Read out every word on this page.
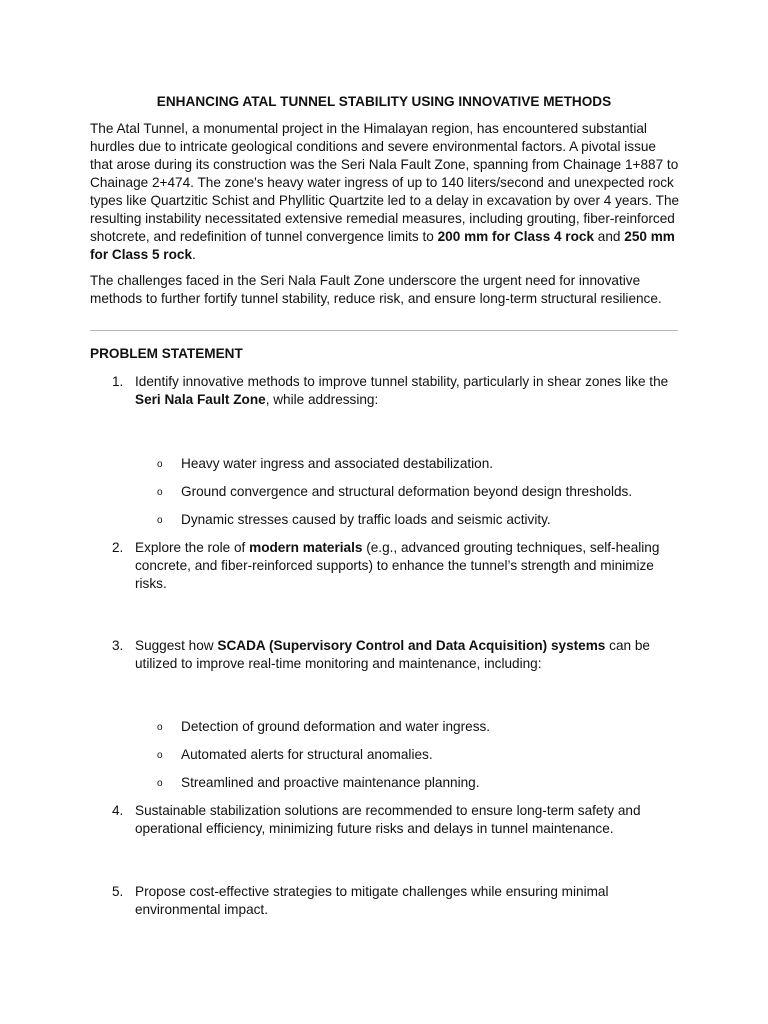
ENHANCING ATAL TUNNEL STABILITY USING INNOVATIVE METHODS

The Atal Tunnel, a monumental project in the Himalayan region, has encountered substantial hurdles due to intricate geological conditions and severe environmental factors. A pivotal issue that arose during its construction was the Seri Nala Fault Zone, spanning from Chainage 1+887 to Chainage 2+474. The zone's heavy water ingress of up to 140 liters/second and unexpected rock types like Quartzitic Schist and Phyllitic Quartzite led to a delay in excavation by over 4 years. The resulting instability necessitated extensive remedial measures, including grouting, fiber-reinforced shotcrete, and redefinition of tunnel convergence limits to 200 mm for Class 4 rock and 250 mm for Class 5 rock.

The challenges faced in the Seri Nala Fault Zone underscore the urgent need for innovative methods to further fortify tunnel stability, reduce risk, and ensure long-term structural resilience.

PROBLEM STATEMENT
1. Identify innovative methods to improve tunnel stability, particularly in shear zones like the Seri Nala Fault Zone, while addressing:

o Heavy water ingress and associated destabilization.

o Ground convergence and structural deformation beyond design thresholds.

o Dynamic stresses caused by traffic loads and seismic activity.

2. Explore the role of modern materials (e.g., advanced grouting techniques, self-healing concrete, and fiber-reinforced supports) to enhance the tunnel’s strength and minimize risks.

3. Suggest how SCADA (Supervisory Control and Data Acquisition) systems can be utilized to improve real-time monitoring and maintenance, including:

o Detection of ground deformation and water ingress.

o Automated alerts for structural anomalies.

o Streamlined and proactive maintenance planning.

4. Sustainable stabilization solutions are recommended to ensure long-term safety and operational efficiency, minimizing future risks and delays in tunnel maintenance.

5. Propose cost-effective strategies to mitigate challenges while ensuring minimal environmental impact.
